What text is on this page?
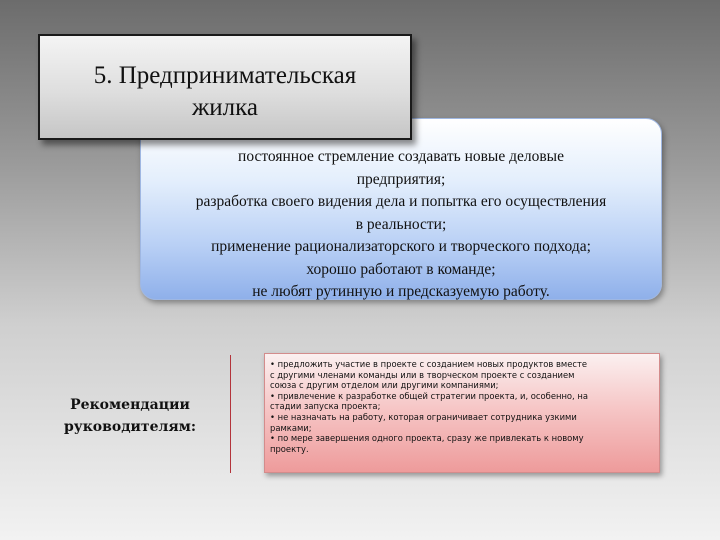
постоянное стремление создавать новые деловые
предприятия;
разработка своего видения дела и попытка его осуществления
в реальности;
применение рационализаторского и творческого подхода;
хорошо работают в команде;
не любят рутинную и предсказуемую работу.
5. Предпринимательская
жилка
Рекомендации
руководителям:
• предложить участие в проекте с созданием новых продуктов вместе
с другими членами команды или в творческом проекте с созданием
союза с другим отделом или другими компаниями;
• привлечение к разработке общей стратегии проекта, и, особенно, на
стадии запуска проекта;
• не назначать на работу, которая ограничивает сотрудника узкими
рамками;
• по мере завершения одного проекта, сразу же привлекать к новому
проекту.
